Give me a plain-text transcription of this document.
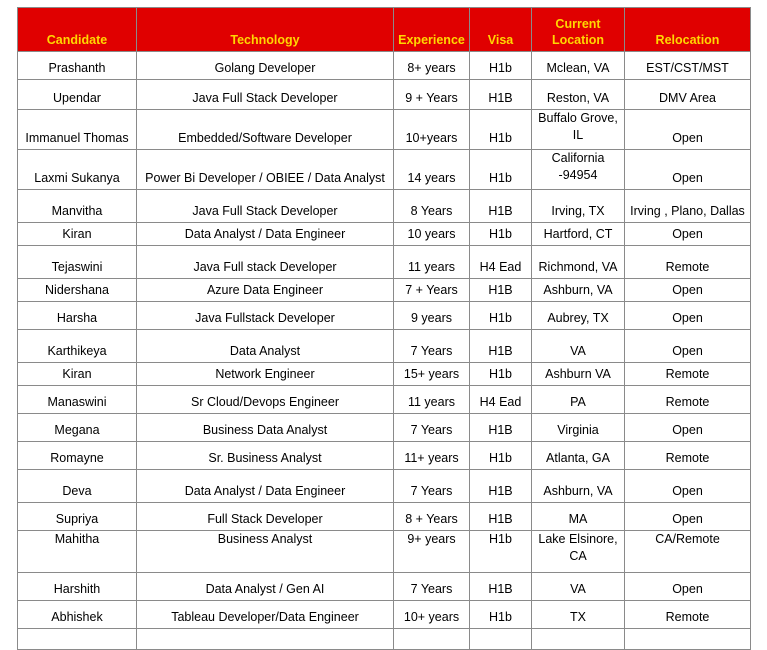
Candidate	Technology	Experience	Visa	Current Location	Relocation
Prashanth	Golang Developer	8+ years	H1b	Mclean, VA	EST/CST/MST
Upendar	Java Full Stack Developer	9 + Years	H1B	Reston, VA	DMV Area
Immanuel Thomas	Embedded/Software Developer	10+years	H1b	Buffalo Grove, IL	Open
Laxmi Sukanya	Power Bi Developer / OBIEE / Data Analyst	14 years	H1b	California -94954	Open
Manvitha	Java Full Stack Developer	8 Years	H1B	Irving, TX	Irving , Plano, Dallas
Kiran	Data Analyst / Data Engineer	10 years	H1b	Hartford, CT	Open
Tejaswini	Java Full stack Developer	11 years	H4 Ead	Richmond, VA	Remote
Nidershana	Azure Data Engineer	7 + Years	H1B	Ashburn, VA	Open
Harsha	Java Fullstack Developer	9 years	H1b	Aubrey, TX	Open
Karthikeya	Data Analyst	7 Years	H1B	VA	Open
Kiran	Network Engineer	15+ years	H1b	Ashburn VA	Remote
Manaswini	Sr Cloud/Devops Engineer	11 years	H4 Ead	PA	Remote
Megana	Business Data Analyst	7 Years	H1B	Virginia	Open
Romayne	Sr. Business Analyst	11+ years	H1b	Atlanta, GA	Remote
Deva	Data Analyst / Data Engineer	7 Years	H1B	Ashburn, VA	Open
Supriya	Full Stack Developer	8 + Years	H1B	MA	Open
Mahitha	Business Analyst	9+ years	H1b	Lake Elsinore, CA	CA/Remote
Harshith	Data Analyst / Gen AI	7 Years	H1B	VA	Open
Abhishek	Tableau Developer/Data Engineer	10+ years	H1b	TX	Remote
